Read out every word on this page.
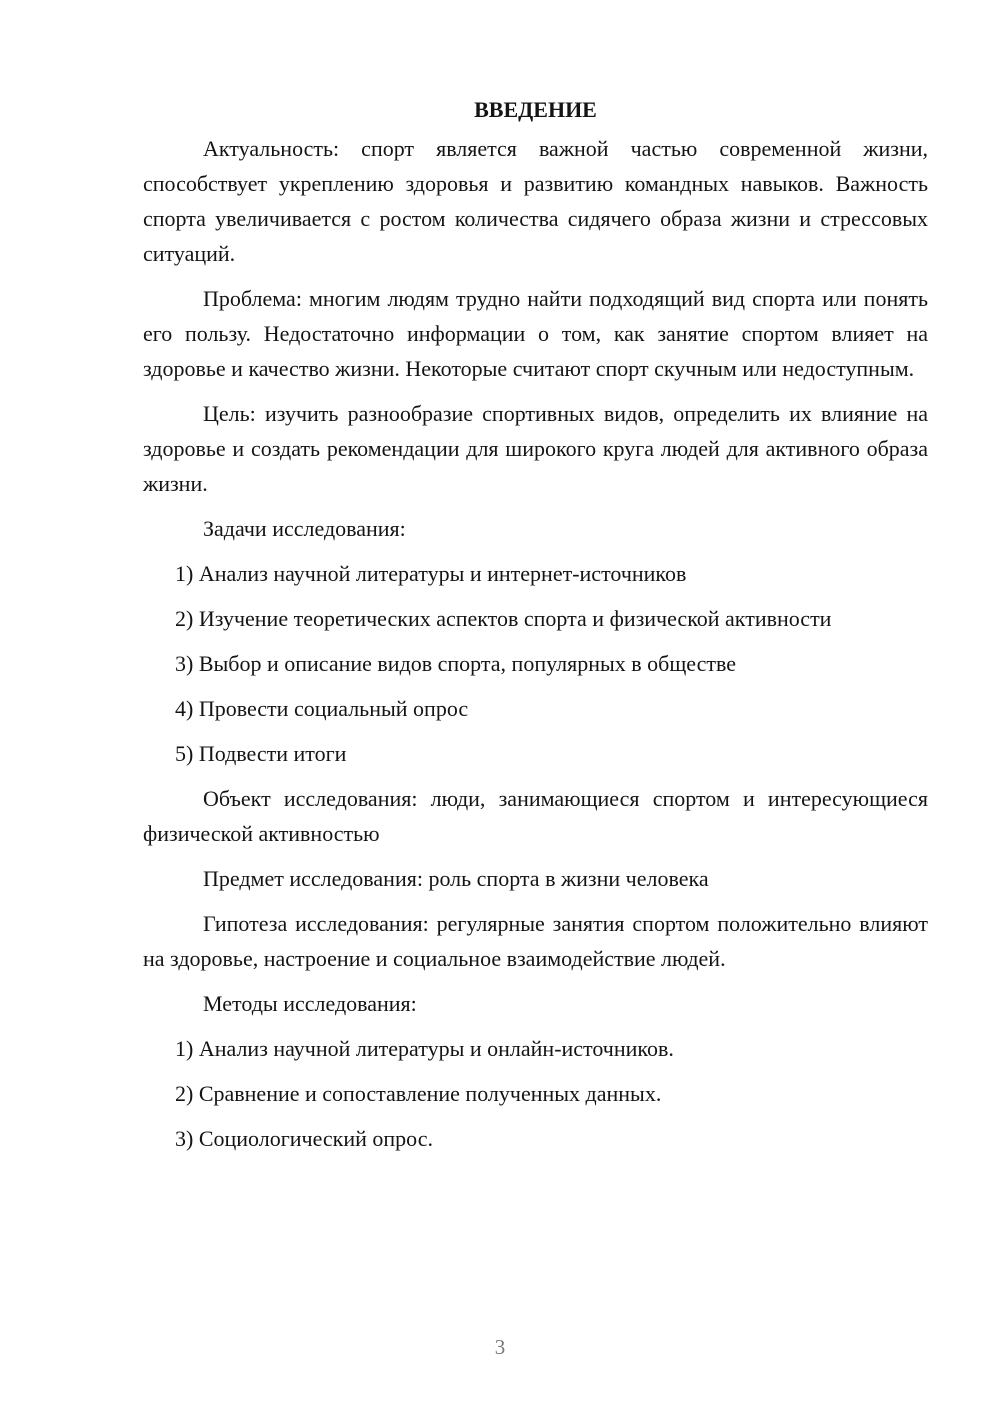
ВВЕДЕНИЕ

Актуальность: спорт является важной частью современной жизни, способствует укреплению здоровья и развитию командных навыков. Важность спорта увеличивается с ростом количества сидячего образа жизни и стрессовых ситуаций.

Проблема: многим людям трудно найти подходящий вид спорта или понять его пользу. Недостаточно информации о том, как занятие спортом влияет на здоровье и качество жизни. Некоторые считают спорт скучным или недоступным.

Цель: изучить разнообразие спортивных видов, определить их влияние на здоровье и создать рекомендации для широкого круга людей для активного образа жизни.

Задачи исследования:

1) Анализ научной литературы и интернет-источников
2) Изучение теоретических аспектов спорта и физической активности
3) Выбор и описание видов спорта, популярных в обществе
4) Провести социальный опрос
5) Подвести итоги

Объект исследования: люди, занимающиеся спортом и интересующиеся физической активностью

Предмет исследования: роль спорта в жизни человека

Гипотеза исследования: регулярные занятия спортом положительно влияют на здоровье, настроение и социальное взаимодействие людей.

Методы исследования:

1) Анализ научной литературы и онлайн-источников.
2) Сравнение и сопоставление полученных данных.
3) Социологический опрос.
3
